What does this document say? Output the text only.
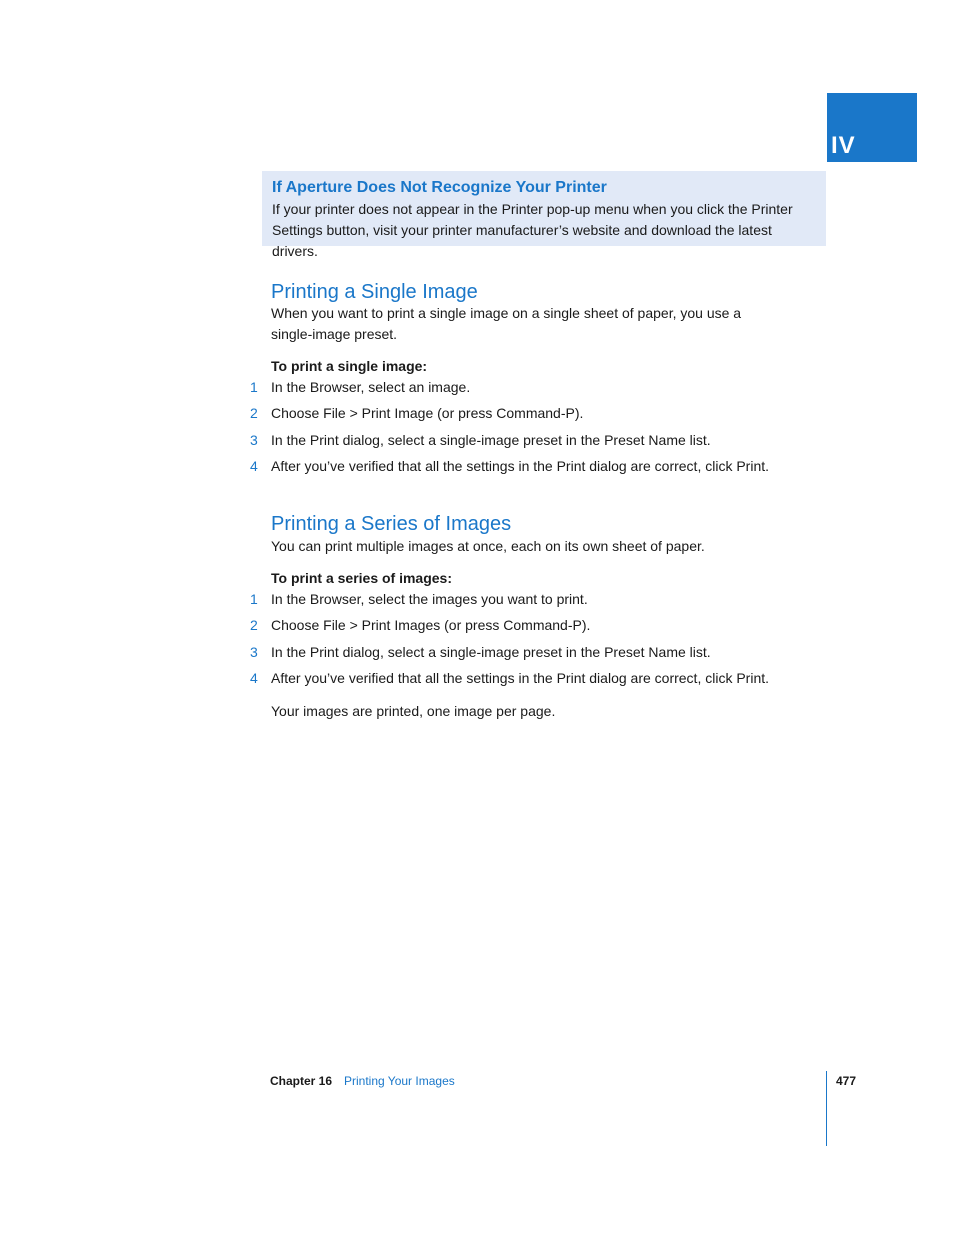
IV

If Aperture Does Not Recognize Your Printer

If your printer does not appear in the Printer pop-up menu when you click the Printer

Settings button, visit your printer manufacturer’s website and download the latest drivers.

Printing a Single Image

When you want to print a single image on a single sheet of paper, you use a

single-image preset.

To print a single image:

1 In the Browser, select an image.
2 Choose File > Print Image (or press Command-P).
3 In the Print dialog, select a single-image preset in the Preset Name list.
4 After you’ve verified that all the settings in the Print dialog are correct, click Print.
Printing a Series of Images

You can print multiple images at once, each on its own sheet of paper.

To print a series of images:

1 In the Browser, select the images you want to print.
2 Choose File > Print Images (or press Command-P).
3 In the Print dialog, select a single-image preset in the Preset Name list.
4 After you’ve verified that all the settings in the Print dialog are correct, click Print.

Your images are printed, one image per page.

Chapter 16 Printing Your Images	477
